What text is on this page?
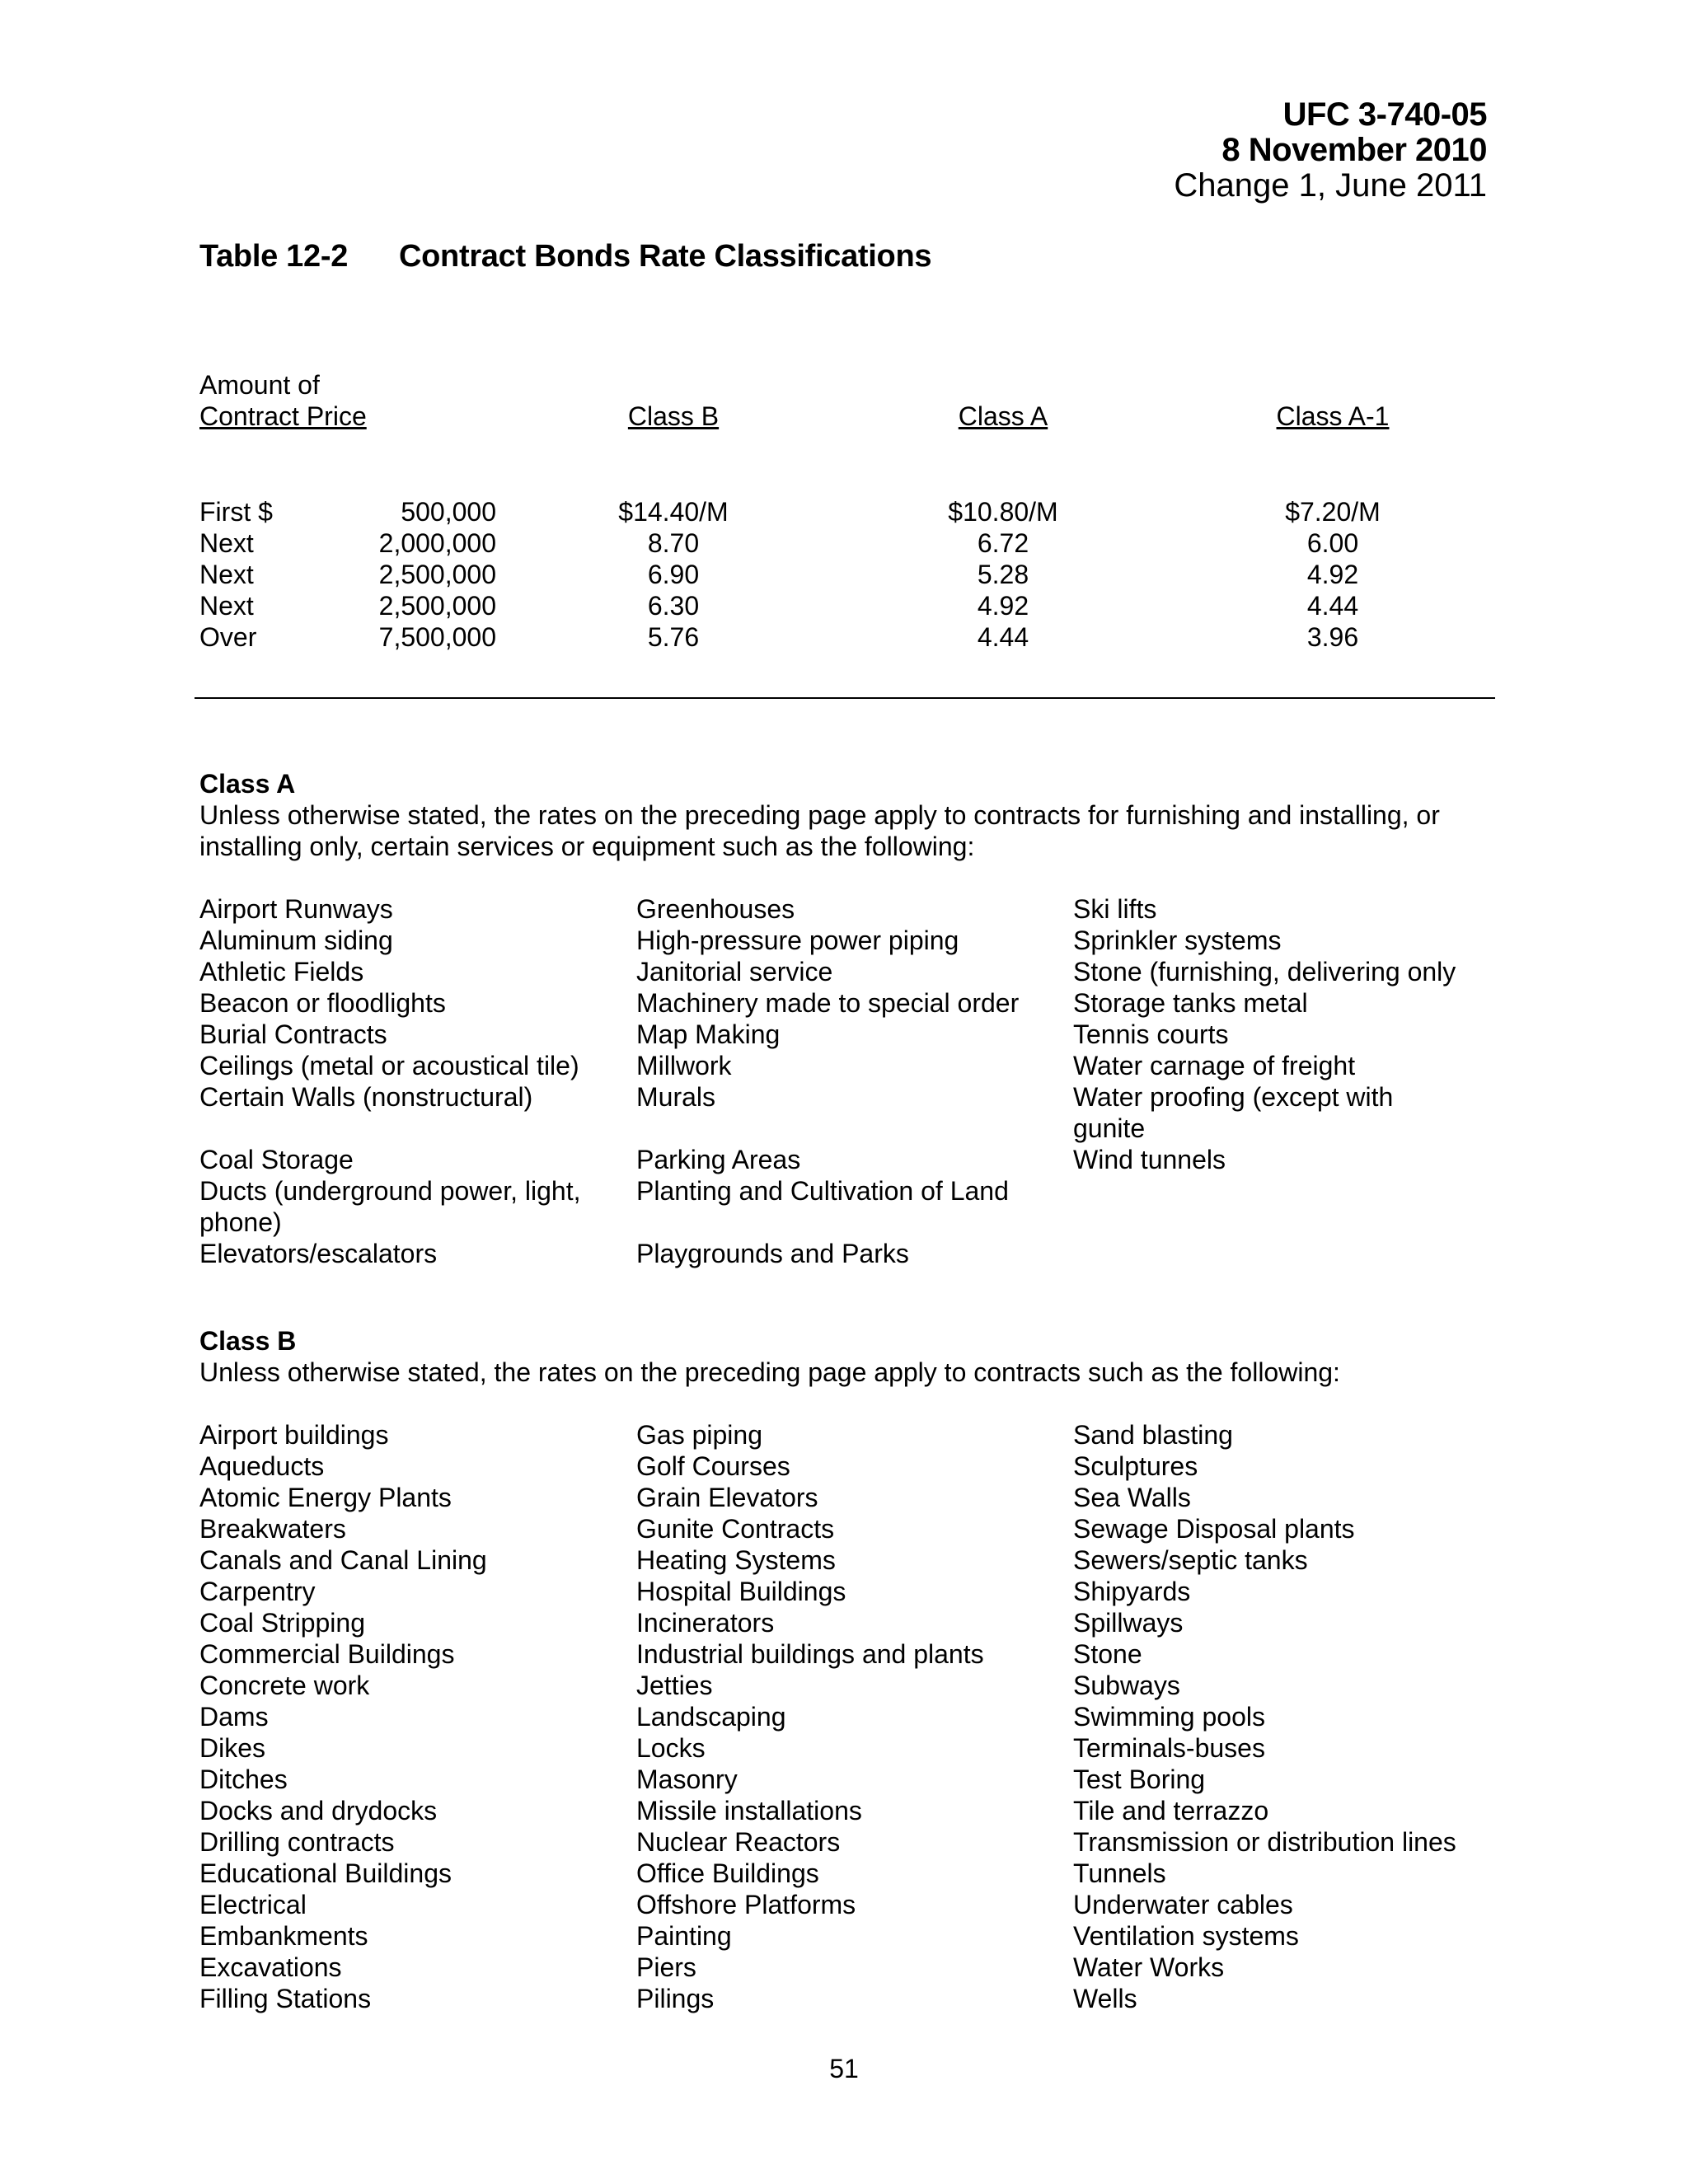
UFC 3-740-05
8 November 2010
Change 1, June 2011
Table 12-2 Contract Bonds Rate Classifications
Amount of
Contract Price	Class B	Class A	Class A-1
First $	500,000	$14.40/M	$10.80/M	$7.20/M
Next	2,000,000	8.70	6.72	6.00
Next	2,500,000	6.90	5.28	4.92
Next	2,500,000	6.30	4.92	4.44
Over	7,500,000	5.76	4.44	3.96
Class A
Unless otherwise stated, the rates on the preceding page apply to contracts for furnishing and installing, or installing only, certain services or equipment such as the following:
Airport Runways
Aluminum siding
Athletic Fields
Beacon or floodlights
Burial Contracts
Ceilings (metal or acoustical tile)
Certain Walls (nonstructural)
Coal Storage
Ducts (underground power, light, phone)
Elevators/escalators
Greenhouses
High-pressure power piping
Janitorial service
Machinery made to special order
Map Making
Millwork
Murals
Parking Areas
Planting and Cultivation of Land
Playgrounds and Parks
Ski lifts
Sprinkler systems
Stone (furnishing, delivering only
Storage tanks metal
Tennis courts
Water carnage of freight
Water proofing (except with gunite
Wind tunnels
Class B
Unless otherwise stated, the rates on the preceding page apply to contracts such as the following:
Airport buildings
Aqueducts
Atomic Energy Plants
Breakwaters
Canals and Canal Lining
Carpentry
Coal Stripping
Commercial Buildings
Concrete work
Dams
Dikes
Ditches
Docks and drydocks
Drilling contracts
Educational Buildings
Electrical
Embankments
Excavations
Filling Stations
Gas piping
Golf Courses
Grain Elevators
Gunite Contracts
Heating Systems
Hospital Buildings
Incinerators
Industrial buildings and plants
Jetties
Landscaping
Locks
Masonry
Missile installations
Nuclear Reactors
Office Buildings
Offshore Platforms
Painting
Piers
Pilings
Sand blasting
Sculptures
Sea Walls
Sewage Disposal plants
Sewers/septic tanks
Shipyards
Spillways
Stone
Subways
Swimming pools
Terminals-buses
Test Boring
Tile and terrazzo
Transmission or distribution lines
Tunnels
Underwater cables
Ventilation systems
Water Works
Wells
51
